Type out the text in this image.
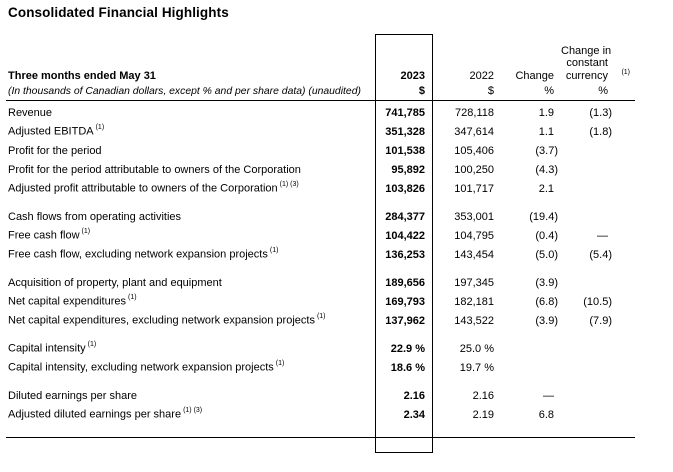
Consolidated Financial Highlights
Three months ended May 31	2023	2022	Change	Change in
constant
currency (1)

(In thousands of Canadian dollars, except % and per share data) (unaudited)	$	$	%	%

Revenue	741,785	728,118	1.9	(1.3)
Adjusted EBITDA $^{(1)}$	351,328	347,614	1.1	(1.8)
Profit for the period	101,538	105,406	(3.7)	
Profit for the period attributable to owners of the Corporation	95,892	100,250	(4.3)	
Adjusted profit attributable to owners of the Corporation $^{(1) (3)}$	103,826	101,717	2.1	

Cash flows from operating activities	284,377	353,001	(19.4)	
Free cash flow $^{(1)}$	104,422	104,795	(0.4)	—
Free cash flow, excluding network expansion projects $^{(1)}$	136,253	143,454	(5.0)	(5.4)

Acquisition of property, plant and equipment	189,656	197,345	(3.9)	
Net capital expenditures $^{(1)}$	169,793	182,181	(6.8)	(10.5)
Net capital expenditures, excluding network expansion projects $^{(1)}$	137,962	143,522	(3.9)	(7.9)

Capital intensity $^{(1)}$	22.9 %	25.0 %		
Capital intensity, excluding network expansion projects $^{(1)}$	18.6 %	19.7 %		

Diluted earnings per share	2.16	2.16	—	
Adjusted diluted earnings per share $^{(1) (3)}$	2.34	2.19	6.8	
